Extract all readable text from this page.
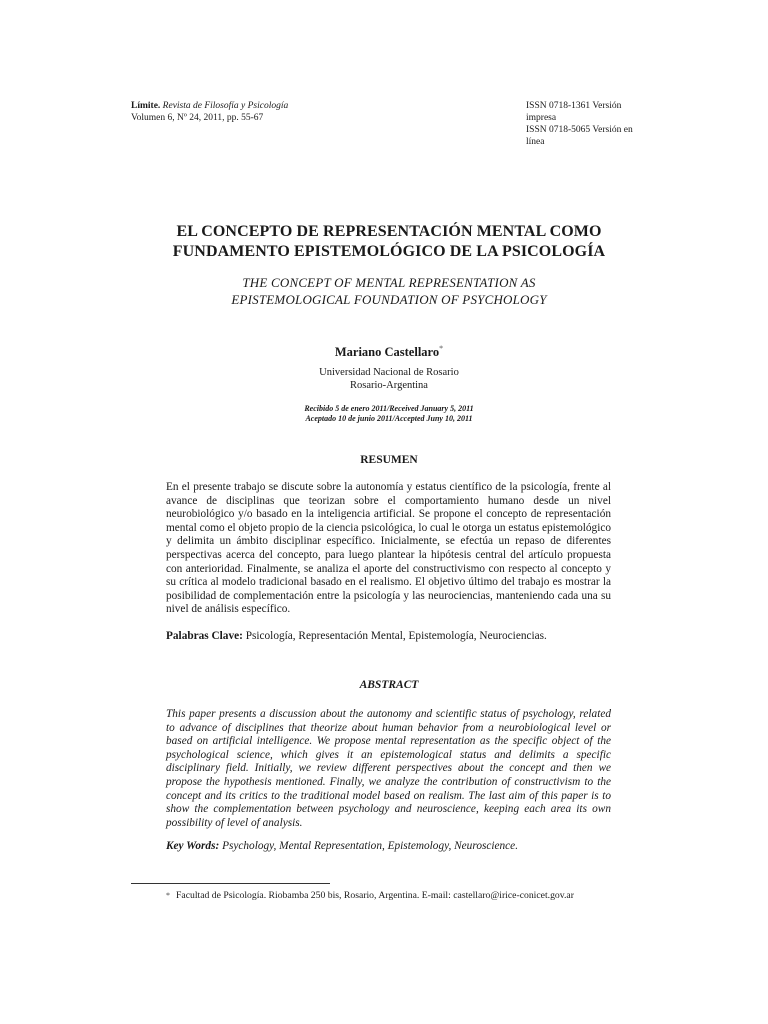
Límite. Revista de Filosofía y Psicología
Volumen 6, Nº 24, 2011, pp. 55-67
ISSN 0718-1361 Versión impresa
ISSN 0718-5065 Versión en línea
EL CONCEPTO DE REPRESENTACIÓN MENTAL COMO
FUNDAMENTO EPISTEMOLÓGICO DE LA PSICOLOGÍA

THE CONCEPT OF MENTAL REPRESENTATION AS
EPISTEMOLOGICAL FOUNDATION OF PSYCHOLOGY

Mariano Castellaro*
Universidad Nacional de Rosario
Rosario-Argentina
Recibido 5 de enero 2011/Received January 5, 2011
Aceptado 10 de junio 2011/Accepted Juny 10, 2011
RESUMEN

En el presente trabajo se discute sobre la autonomía y estatus científico de la psicología, frente al avance de disciplinas que teorizan sobre el comportamiento humano desde un nivel neurobiológico y/o basado en la inteligencia artificial. Se propone el concepto de representación mental como el objeto propio de la ciencia psicológica, lo cual le otorga un estatus epistemológico y delimita un ámbito disciplinar específico. Inicialmente, se efectúa un repaso de diferentes perspectivas acerca del concepto, para luego plantear la hipótesis central del artículo propuesta con anterioridad. Finalmente, se analiza el aporte del constructivismo con respecto al concepto y su crítica al modelo tradicional basado en el realismo. El objetivo último del trabajo es mostrar la posibilidad de complementación entre la psicología y las neurociencias, manteniendo cada una su nivel de análisis específico.

Palabras Clave: Psicología, Representación Mental, Epistemología, Neurociencias.
ABSTRACT

This paper presents a discussion about the autonomy and scientific status of psychology, related to advance of disciplines that theorize about human behavior from a neurobiological level or based on artificial intelligence. We propose mental representation as the specific object of the psychological science, which gives it an epistemological status and delimits a specific disciplinary field. Initially, we review different perspectives about the concept and then we propose the hypothesis mentioned. Finally, we analyze the contribution of constructivism to the concept and its critics to the traditional model based on realism. The last aim of this paper is to show the complementation between psychology and neuroscience, keeping each area its own possibility of level of analysis.

Key Words: Psychology, Mental Representation, Epistemology, Neuroscience.
* Facultad de Psicología. Riobamba 250 bis, Rosario, Argentina. E-mail: castellaro@irice-conicet.gov.ar
